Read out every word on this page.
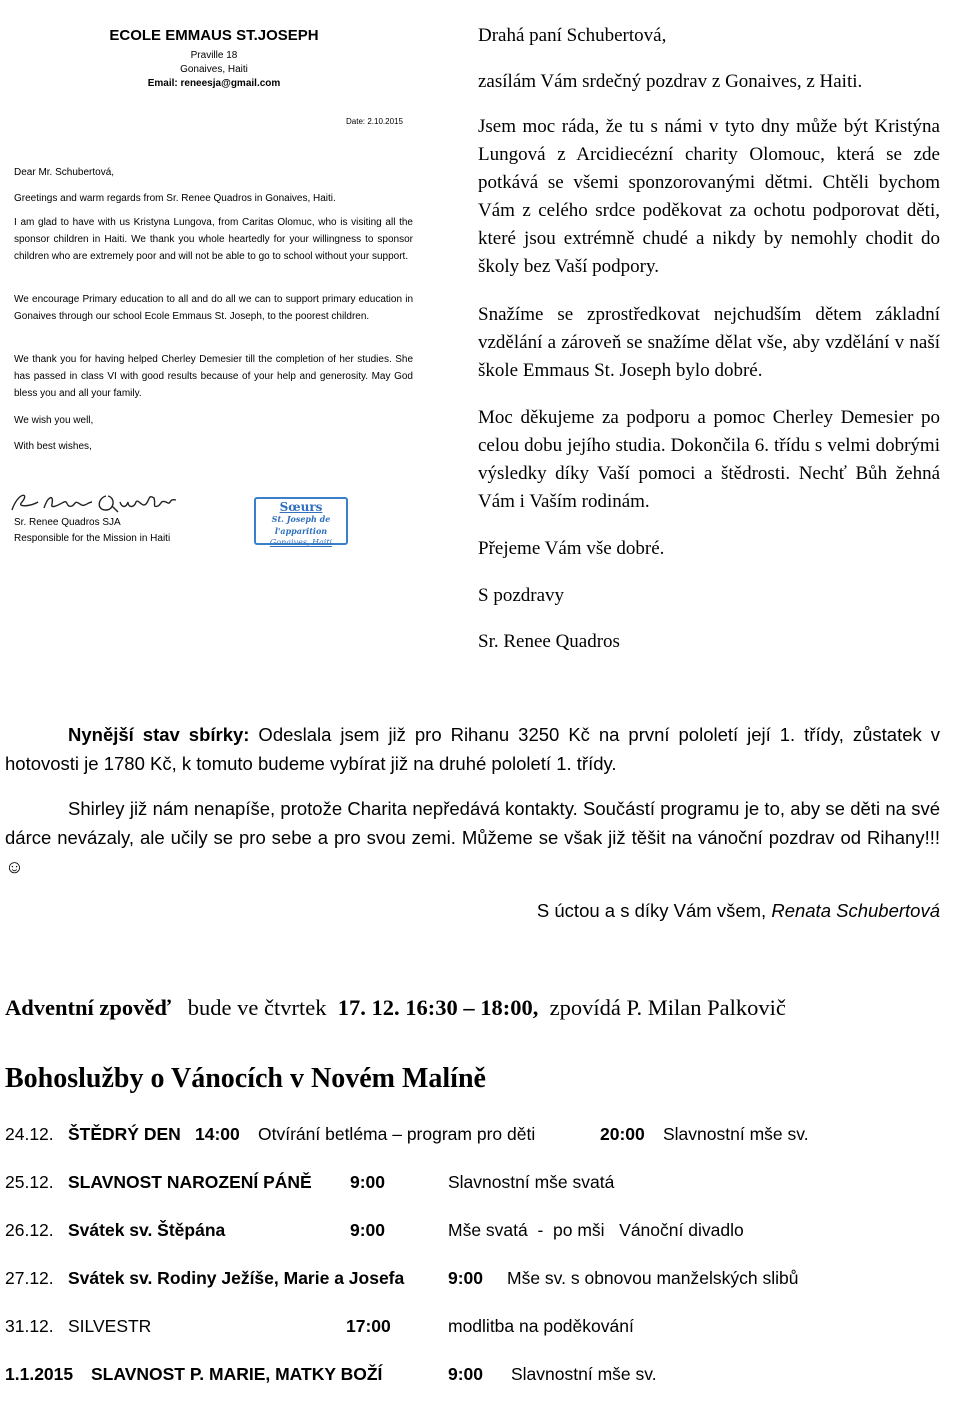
ECOLE EMMAUS ST.JOSEPH
Praville 18
Gonaives, Haiti
Email: reneesja@gmail.com
Date: 2.10.2015

Dear Mr. Schubertová,

Greetings and warm regards from Sr. Renee Quadros in Gonaives, Haiti.

I am glad to have with us Kristyna Lungova, from Caritas Olomuc, who is visiting all the sponsor children in Haiti. We thank you whole heartedly for your willingness to sponsor children who are extremely poor and will not be able to go to school without your support.

We encourage Primary education to all and do all we can to support primary education in Gonaives through our school Ecole Emmaus St. Joseph, to the poorest children.

We thank you for having helped Cherley Demesier till the completion of her studies. She has passed in class VI with good results because of your help and generosity. May God bless you and all your family.

We wish you well,

With best wishes,

Sr. Renee Quadros SJA
Responsible for the Mission in Haiti
Sœurs
St. Joseph de l'apparition
Gonaives, Haiti

Drahá paní Schubertová,

zasílám Vám srdečný pozdrav z Gonaives, z Haiti.

Jsem moc ráda, že tu s námi v tyto dny může být Kristýna Lungová z Arcidiecézní charity Olomouc, která se zde potkává se všemi sponzorovanými dětmi. Chtěli bychom Vám z celého srdce poděkovat za ochotu podporovat děti, které jsou extrémně chudé a nikdy by nemohly chodit do školy bez Vaší podpory.

Snažíme se zprostředkovat nejchudším dětem základní vzdělání a zároveň se snažíme dělat vše, aby vzdělání v naší škole Emmaus St. Joseph bylo dobré.

Moc děkujeme za podporu a pomoc Cherley Demesier po celou dobu jejího studia. Dokončila 6. třídu s velmi dobrými výsledky díky Vaší pomoci a štědrosti. Nechť Bůh žehná Vám i Vaším rodinám.

Přejeme Vám vše dobré.

S pozdravy

Sr. Renee Quadros

Nynější stav sbírky: Odeslala jsem již pro Rihanu 3250 Kč na první pololetí její 1. třídy, zůstatek v hotovosti je 1780 Kč, k tomuto budeme vybírat již na druhé pololetí 1. třídy.

Shirley již nám nenapíše, protože Charita nepředává kontakty. Součástí programu je to, aby se děti na své dárce nevázaly, ale učily se pro sebe a pro svou zemi. Můžeme se však již těšit na vánoční pozdrav od Rihany!!! ☺

S úctou a s díky Vám všem, Renata Schubertová
Adventní zpověď bude ve čtvrtek 17. 12. 16:30 – 18:00, zpovídá P. Milan Palkovič
Bohoslužby o Vánocích v Novém Malíně
24.12. ŠTĚDRÝ DEN 14:00 Otvírání betléma – program pro děti	20:00 Slavnostní mše sv.
25.12. SLAVNOST NAROZENÍ PÁNĚ 9:00	Slavnostní mše svatá
26.12. Svátek sv. Štěpána	9:00	Mše svatá  -  po mši   Vánoční divadlo
27.12. Svátek sv. Rodiny Ježíše, Marie a Josefa	9:00 Mše sv. s obnovou manželských slibů
31.12. SILVESTR	17:00	modlitba na poděkování
1.1.2015 SLAVNOST P. MARIE, MATKY BOŽÍ	9:00 Slavnostní mše sv.
